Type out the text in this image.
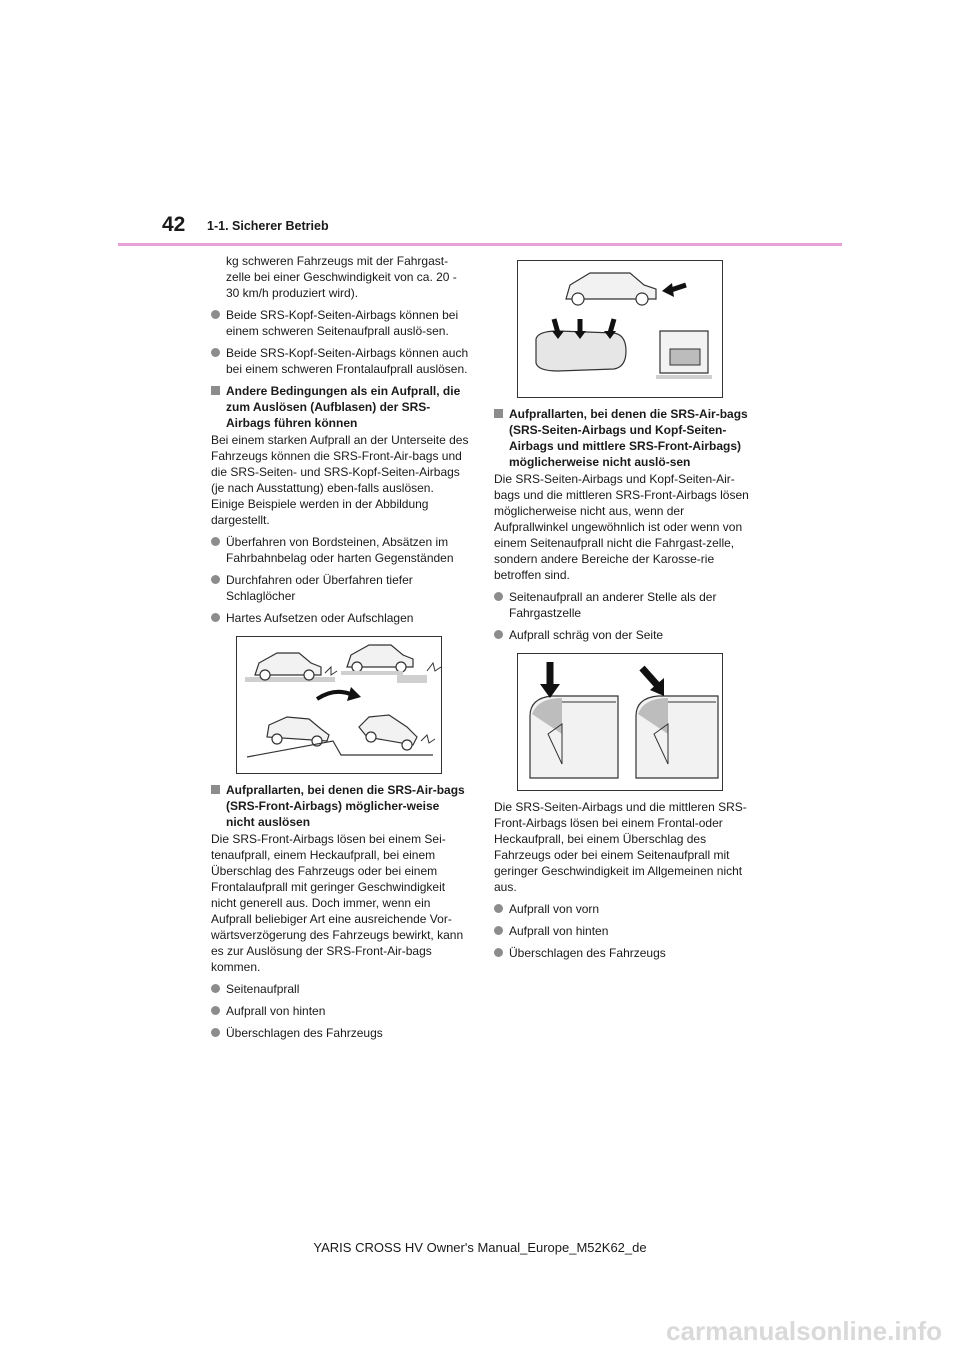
42 1-1. Sicherer Betrieb

kg schweren Fahrzeugs mit der Fahrgast-zelle bei einer Geschwindigkeit von ca. 20 - 30 km/h produziert wird).

Beide SRS-Kopf-Seiten-Airbags können bei einem schweren Seitenaufprall auslö-sen.

Beide SRS-Kopf-Seiten-Airbags können auch bei einem schweren Frontalaufprall auslösen.

Andere Bedingungen als ein Aufprall, die zum Auslösen (Aufblasen) der SRS-Airbags führen können

Bei einem starken Aufprall an der Unterseite des Fahrzeugs können die SRS-Front-Air-bags und die SRS-Seiten- und SRS-Kopf-Seiten-Airbags (je nach Ausstattung) eben-falls auslösen. Einige Beispiele werden in der Abbildung dargestellt.

Überfahren von Bordsteinen, Absätzen im Fahrbahnbelag oder harten Gegenständen

Durchfahren oder Überfahren tiefer Schlaglöcher

Hartes Aufsetzen oder Aufschlagen

Aufprallarten, bei denen die SRS-Air-bags (SRS-Front-Airbags) möglicher-weise nicht auslösen

Die SRS-Front-Airbags lösen bei einem Sei-tenaufprall, einem Heckaufprall, bei einem Überschlag des Fahrzeugs oder bei einem Frontalaufprall mit geringer Geschwindigkeit nicht generell aus. Doch immer, wenn ein Aufprall beliebiger Art eine ausreichende Vor-wärtsverzögerung des Fahrzeugs bewirkt, kann es zur Auslösung der SRS-Front-Air-bags kommen.

Seitenaufprall

Aufprall von hinten

Überschlagen des Fahrzeugs

Aufprallarten, bei denen die SRS-Air-bags (SRS-Seiten-Airbags und Kopf-Seiten-Airbags und mittlere SRS-Front-Airbags) möglicherweise nicht auslö-sen

Die SRS-Seiten-Airbags und Kopf-Seiten-Air-bags und die mittleren SRS-Front-Airbags lösen möglicherweise nicht aus, wenn der Aufprallwinkel ungewöhnlich ist oder wenn von einem Seitenaufprall nicht die Fahrgast-zelle, sondern andere Bereiche der Karosse-rie betroffen sind.

Seitenaufprall an anderer Stelle als der Fahrgastzelle

Aufprall schräg von der Seite

Die SRS-Seiten-Airbags und die mittleren SRS-Front-Airbags lösen bei einem Frontal-oder Heckaufprall, bei einem Überschlag des Fahrzeugs oder bei einem Seitenaufprall mit geringer Geschwindigkeit im Allgemeinen nicht aus.

Aufprall von vorn

Aufprall von hinten

Überschlagen des Fahrzeugs

YARIS CROSS HV Owner's Manual_Europe_M52K62_de
carmanualsonline.info
